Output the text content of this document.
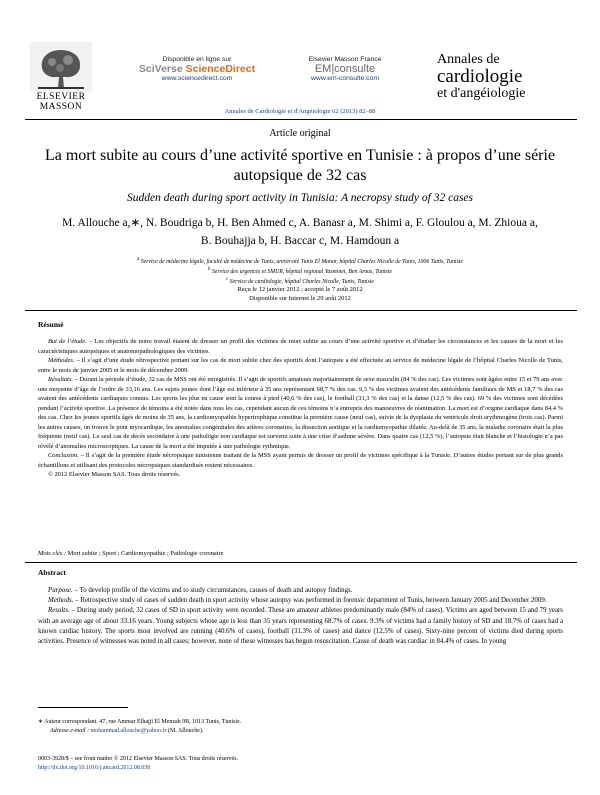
ELSEVIER
MASSON
Disponible en ligne sur
SciVerse ScienceDirect
www.sciencedirect.com
Elsevier Masson France
EM|consulte
www.em-consulte.com
Annales de
cardiologie
et d'angéiologie
Annales de Cardiologie et d'Angéiologie 62 (2013) 82–88
Article original
La mort subite au cours d’une activité sportive en Tunisie : à propos d’une série autopsique de 32 cas
Sudden death during sport activity in Tunisia: A necropsy study of 32 cases
M. Allouche a,∗, N. Boudriga b, H. Ben Ahmed c, A. Banasr a, M. Shimi a, F. Gloulou a, M. Zhioua a,
B. Bouhajja b, H. Baccar c, M. Hamdoun a
$^a$ Service de médecine légale, faculté de médecine de Tunis, université Tunis El Manar, hôpital Charles Nicolle de Tunis, 1006 Tunis, Tunisie
$^b$ Service des urgences et SMUR, hôpital régional Yasminet, Ben Arous, Tunisie
$^c$ Service de cardiologie, hôpital Charles Nicolle, Tunis, Tunisie
Reçu le 12 janvier 2012 ; accepté le 7 août 2012
Disponible sur Internet le 29 août 2012
Résumé

But de l’étude. – Les objectifs de notre travail étaient de dresser un profil des victimes de mort subite au cours d’une activité sportive et d’étudier les circonstances et les causes de la mort et les caractéristiques autopsiques et anatomopathologiques des victimes.

Méthodes. – Il s’agit d’une étude rétrospective portant sur les cas de mort subite chez des sportifs dont l’autopsie a été effectuée au service de médecine légale de l’hôpital Charles Nicolle de Tunis, entre le mois de janvier 2005 et le mois de décembre 2009.

Résultats. – Durant la période d’étude, 32 cas de MSS ont été enregistrés. Il s’agit de sportifs amateurs majoritairement de sexe masculin (84 % des cas). Les victimes sont âgées entre 15 et 79 ans avec une moyenne d’âge de l’ordre de 33,16 ans. Les sujets jeunes dont l’âge est inférieur à 35 ans représentant 68,7 % des cas. 9,3 % des victimes avaient des antécédents familiaux de MS et 18,7 % des cas avaient des antécédents cardiaques connus. Les sports les plus en cause sont la course à pied (40,6 % des cas), le football (31,3 % des cas) et la danse (12,5 % des cas). 69 % des victimes sont décédées pendant l’activité sportive. La présence de témoins a été notée dans tous les cas, cependant aucun de ces témoins n’a entrepris des manoeuvres de réanimation. La mort est d’origine cardiaque dans 84,4 % des cas. Chez les jeunes sportifs âgés de moins de 35 ans, la cardiomyopathie hypertrophique constitue la première cause (neuf cas), suivie de la dysplasie du ventricule droit arythmogène (trois cas). Parmi les autres causes, on trouve le pont myocardique, les anomalies congénitales des artères coronaires, la dissection aortique et la cardiomyopathie dilatée. Au-delà de 35 ans, la maladie coronaire était la plus fréquente (neuf cas). Le seul cas de décès secondaire à une pathologie non cardiaque est survenu suite à une crise d’asthme sévère. Dans quatre cas (12,5 %), l’autopsie était blanche et l’histologie n’a pas révélé d’anomalies microscopiques. La cause de la mort a été imputée à une pathologie rythmique.

Conclusion. – Il s’agit de la première étude nécropsique tunisienne traitant de la MSS ayant permis de dresser un profil de victimes spécifique à la Tunisie. D’autres études portant sur de plus grands échantillons et utilisant des protocoles nécropsiques standardisés restent nécessaires.

© 2012 Elsevier Masson SAS. Tous droits réservés.

Mots clés : Mort subite ; Sport ; Cardiomyopathie ; Pathologie coronaire
Abstract

Purpose. – To develop profile of the victims and to study circumstances, causes of death and autopsy findings.

Methods. – Retrospective study of cases of sudden death in sport activity whose autopsy was performed in forensic department of Tunis, between January 2005 and December 2009.

Results. – During study period, 32 cases of SD in sport activity were recorded. These are amateur athletes predominantly male (84% of cases). Victims are aged between 15 and 79 years with an average age of about 33.16 years. Young subjects whose age is less than 35 years representing 68.7% of cases. 9.3% of victims had a family history of SD and 18.7% of cases had a known cardiac history. The sports most involved are running (40.6% of cases), football (31.3% of cases) and dance (12.5% of cases). Sixty-nine percent of victims died during sports activities. Presence of witnesses was noted in all cases; however, none of these witnesses has begun resuscitation. Cause of death was cardiac in 84.4% of cases. In young

∗ Auteur correspondant. 47, rue Ammar Elhajji El Menzah 9B, 1013 Tunis, Tunisie.
Adresse e-mail : mohammad.allouche@yahoo.fr (M. Allouche).
0003-3928/$ – see front matter © 2012 Elsevier Masson SAS. Tous droits réservés.
http://dx.doi.org/10.1016/j.ancard.2012.08.030
